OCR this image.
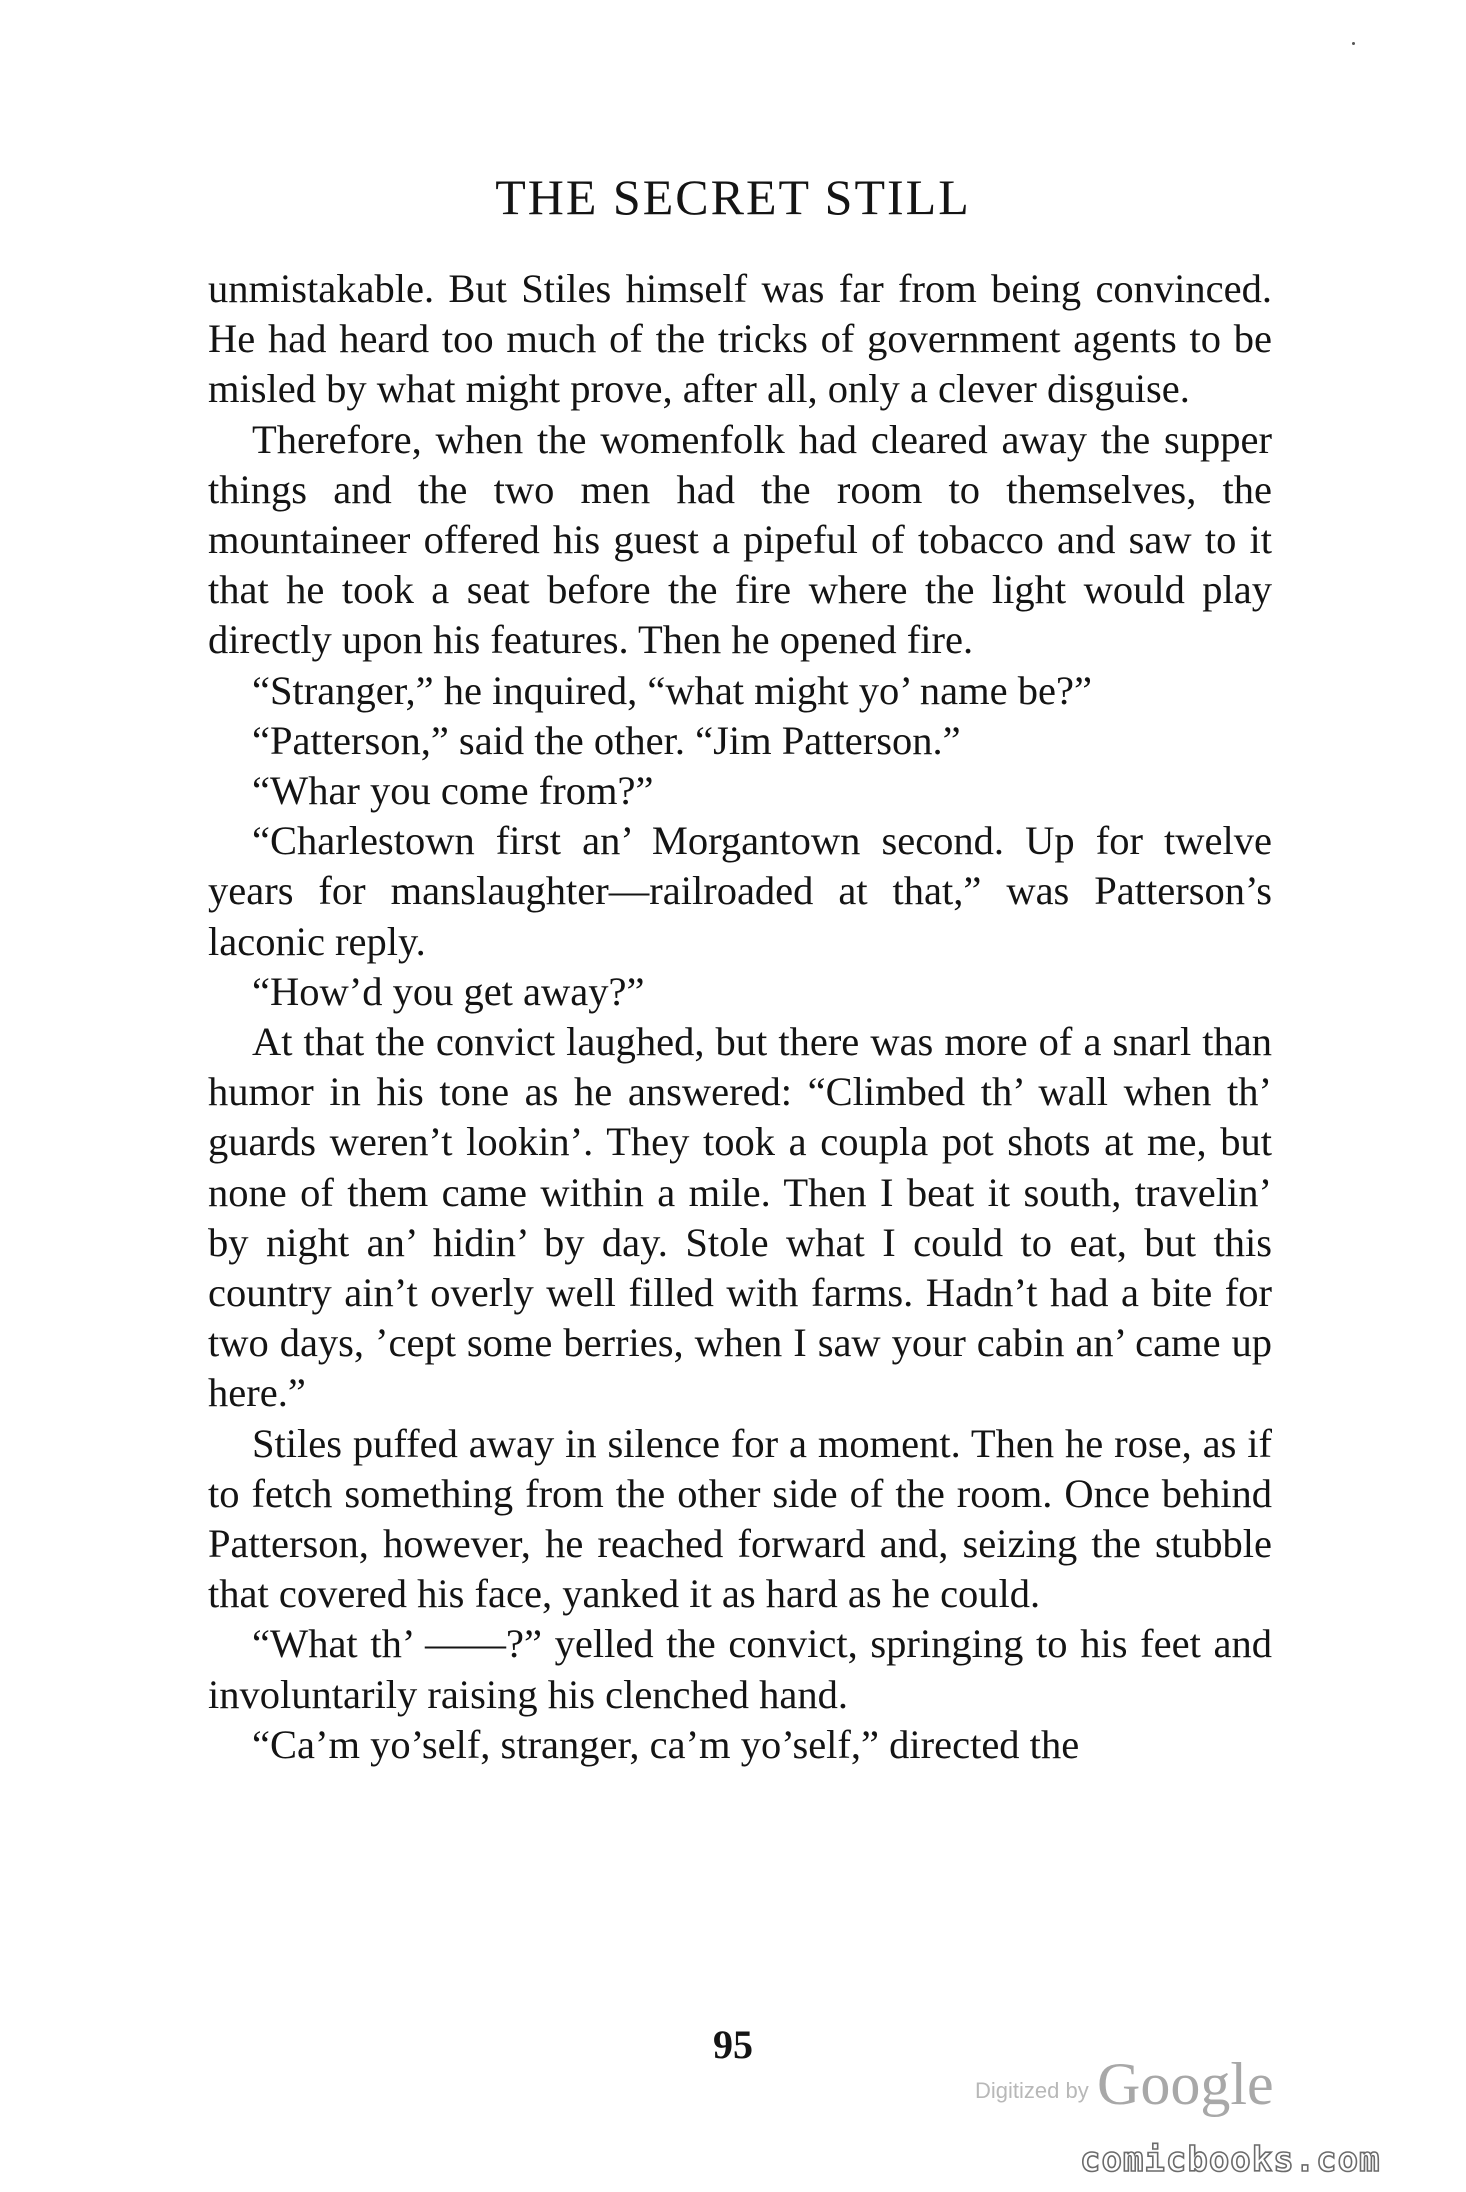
THE SECRET STILL

unmistakable. But Stiles himself was far from being convinced. He had heard too much of the tricks of government agents to be misled by what might prove, after all, only a clever disguise.

Therefore, when the womenfolk had cleared away the supper things and the two men had the room to themselves, the mountaineer offered his guest a pipeful of tobacco and saw to it that he took a seat before the fire where the light would play directly upon his features. Then he opened fire.

“Stranger,” he inquired, “what might yo’ name be?”

“Patterson,” said the other. “Jim Patterson.”

“Whar you come from?”

“Charlestown first an’ Morgantown second. Up for twelve years for manslaughter—railroaded at that,” was Patterson’s laconic reply.

“How’d you get away?”

At that the convict laughed, but there was more of a snarl than humor in his tone as he answered: “Climbed th’ wall when th’ guards weren’t lookin’. They took a coupla pot shots at me, but none of them came within a mile. Then I beat it south, travelin’ by night an’ hidin’ by day. Stole what I could to eat, but this country ain’t overly well filled with farms. Hadn’t had a bite for two days, ’cept some berries, when I saw your cabin an’ came up here.”

Stiles puffed away in silence for a moment. Then he rose, as if to fetch something from the other side of the room. Once behind Patterson, however, he reached forward and, seizing the stubble that covered his face, yanked it as hard as he could.

“What th’ ——?” yelled the convict, springing to his feet and involuntarily raising his clenched hand.

“Ca’m yo’self, stranger, ca’m yo’self,” directed the

95
Digitized by Google
comicbooks.com
